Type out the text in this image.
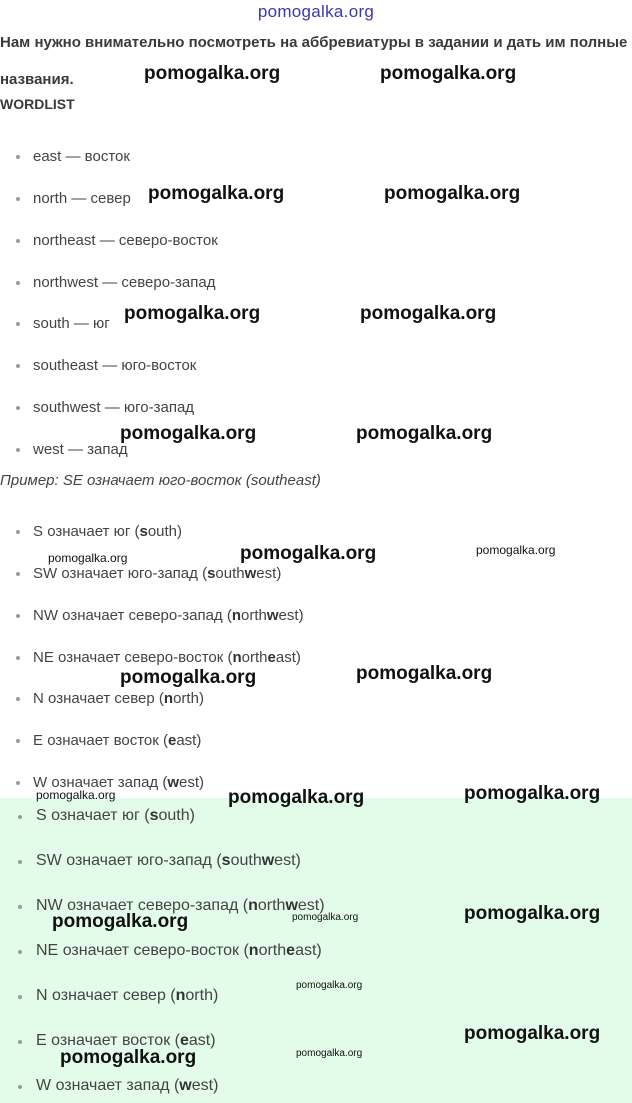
pomogalka.org

Нам нужно внимательно посмотреть на аббревиатуры в задании и дать им полные названия.

WORDLIST

east — восток
north — север
northeast — северо-восток
northwest — северо-запад
south — юг
southeast — юго-восток
southwest — юго-запад
west — запад

Пример: SE означает юго-восток (southeast)

S означает юг (south)
SW означает юго-запад (southwest)
NW означает северо-запад (northwest)
NE означает северо-восток (northeast)
N означает север (north)
E означает восток (east)
W означает запад (west)
S означает юг (south)
SW означает юго-запад (southwest)
NW означает северо-запад (northwest)
NE означает северо-восток (northeast)
N означает север (north)
E означает восток (east)
W означает запад (west)
pomogalka.org	pomogalka.org
pomogalka.org	pomogalka.org
pomogalka.org	pomogalka.org
pomogalka.org	pomogalka.org
pomogalka.org	pomogalka.org	pomogalka.org
pomogalka.org	pomogalka.org
pomogalka.org	pomogalka.org	pomogalka.org
pomogalka.org	pomogalka.org	pomogalka.org
pomogalka.org
pomogalka.org
pomogalka.org	pomogalka.org
